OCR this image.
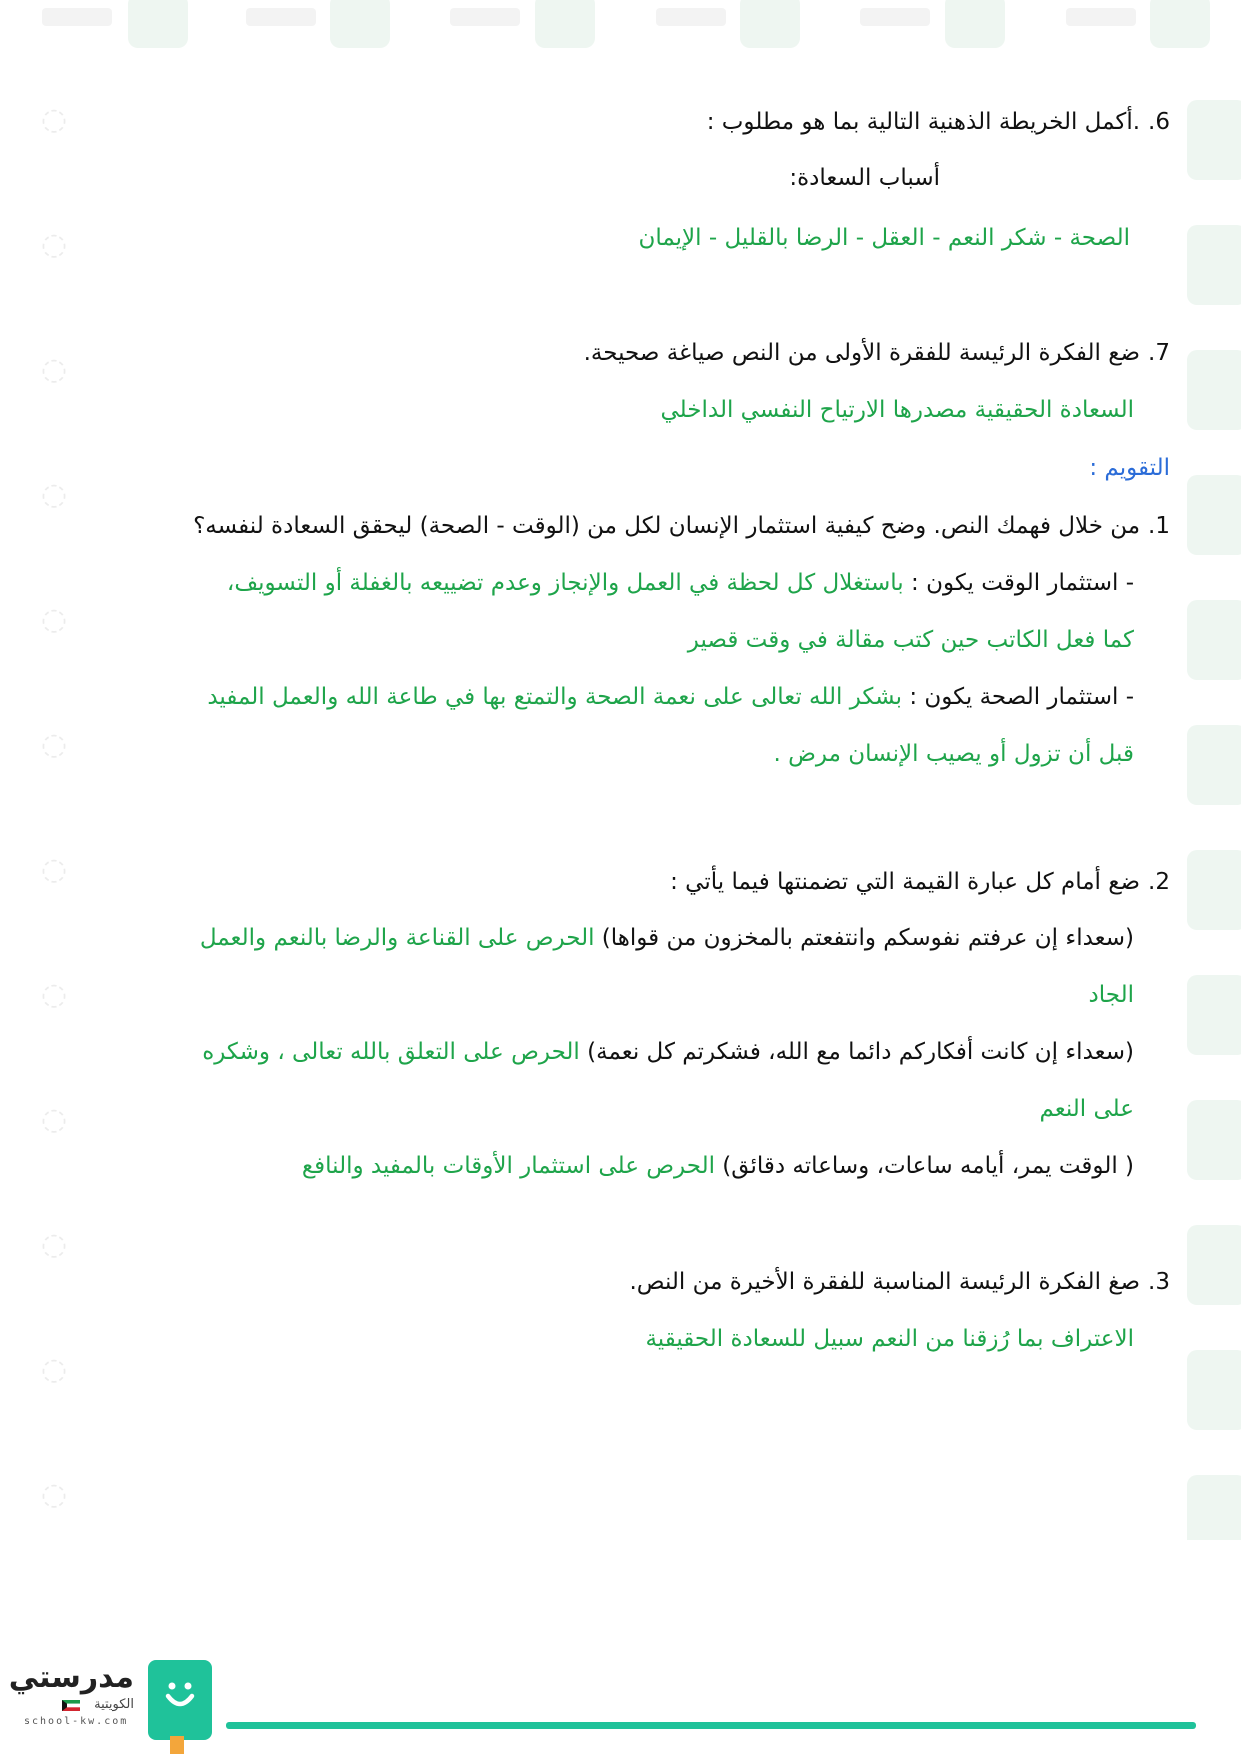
◌
◌
◌
◌
◌
◌
◌
◌
◌
◌
◌
◌
6..أكمل الخريطة الذهنية التالية بما هو مطلوب :
أسباب السعادة:
الصحة - شكر النعم - العقل - الرضا بالقليل - الإيمان
7.ضع الفكرة الرئيسة للفقرة الأولى من النص صياغة صحيحة.
السعادة الحقيقية مصدرها الارتياح النفسي الداخلي
التقويم :
1.من خلال فهمك النص. وضح كيفية استثمار الإنسان لكل من (الوقت - الصحة) ليحقق السعادة لنفسه؟
- استثمار الوقت يكون : باستغلال كل لحظة في العمل والإنجاز وعدم تضييعه بالغفلة أو التسويف،
كما فعل الكاتب حين كتب مقالة في وقت قصير
- استثمار الصحة يكون : بشكر الله تعالى على نعمة الصحة والتمتع بها في طاعة الله والعمل المفيد
قبل أن تزول أو يصيب الإنسان مرض .
2.ضع أمام كل عبارة القيمة التي تضمنتها فيما يأتي :
(سعداء إن عرفتم نفوسكم وانتفعتم بالمخزون من قواها) الحرص على القناعة والرضا بالنعم والعمل
الجاد
(سعداء إن كانت أفكاركم دائما مع الله، فشكرتم كل نعمة) الحرص على التعلق بالله تعالى ، وشكره
على النعم
( الوقت يمر، أيامه ساعات، وساعاته دقائق) الحرص على استثمار الأوقات بالمفيد والنافع
3.صغ الفكرة الرئيسة المناسبة للفقرة الأخيرة من النص.
الاعتراف بما رُزقنا من النعم سبيل للسعادة الحقيقية
مدرستي
الكويتية
school-kw.com
